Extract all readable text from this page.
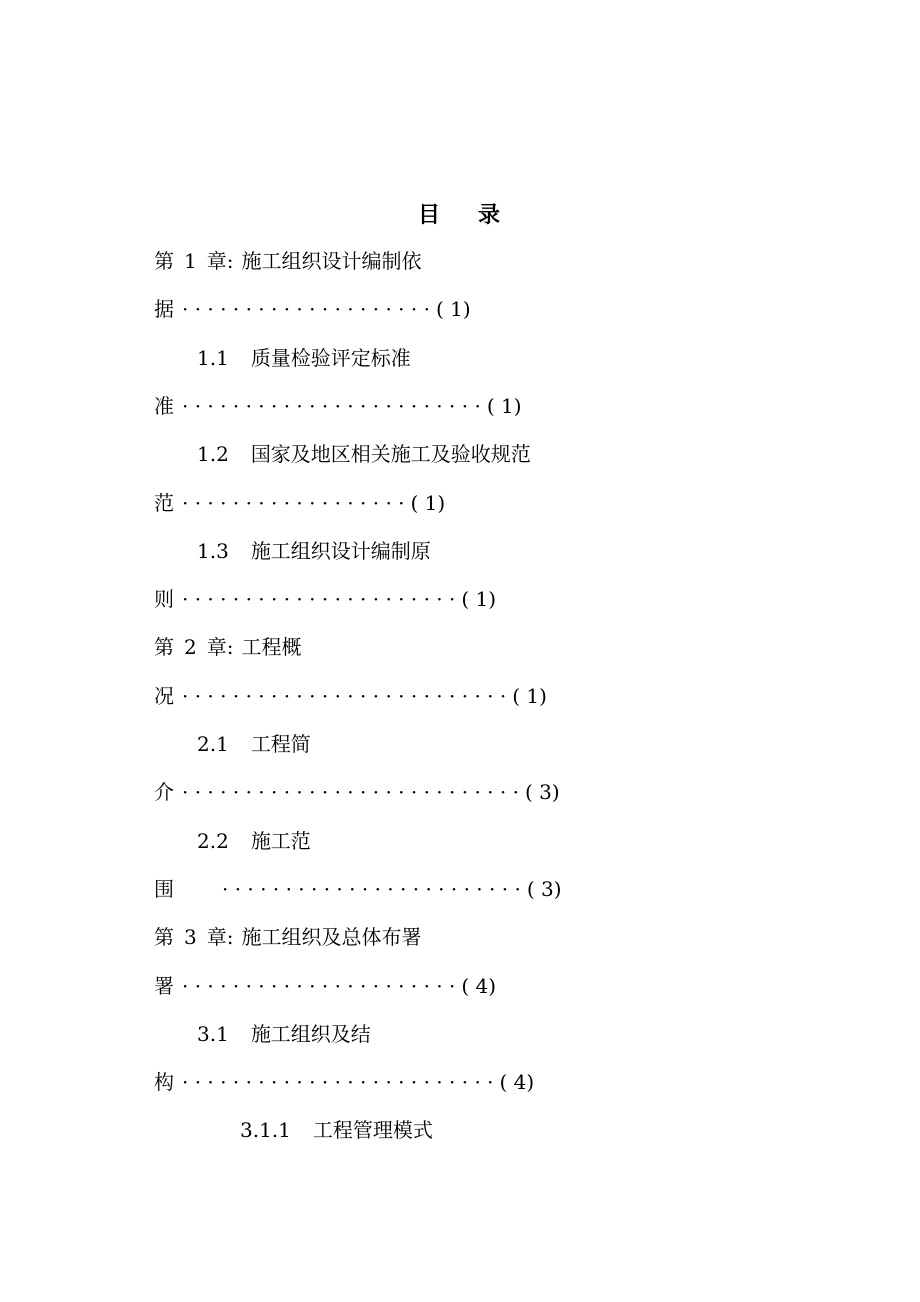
目 录
第 1 章: 施工组织设计编制依
据 · · · · · · · · · · · · · · · · · · · · ( 1)
1.1 质量检验评定标准
准 · · · · · · · · · · · · · · · · · · · · · · · · ( 1)
1.2 国家及地区相关施工及验收规范
范 · · · · · · · · · · · · · · · · · · ( 1)
1.3 施工组织设计编制原
则 · · · · · · · · · · · · · · · · · · · · · · ( 1)
第 2 章: 工程概
况 · · · · · · · · · · · · · · · · · · · · · · · · · · ( 1)
2.1 工程简
介 · · · · · · · · · · · · · · · · · · · · · · · · · · · ( 3)
2.2 施工范
围 · · · · · · · · · · · · · · · · · · · · · · · · ( 3)
第 3 章: 施工组织及总体布署
署 · · · · · · · · · · · · · · · · · · · · · · ( 4)
3.1 施工组织及结
构 · · · · · · · · · · · · · · · · · · · · · · · · · ( 4)
3.1.1 工程管理模式
